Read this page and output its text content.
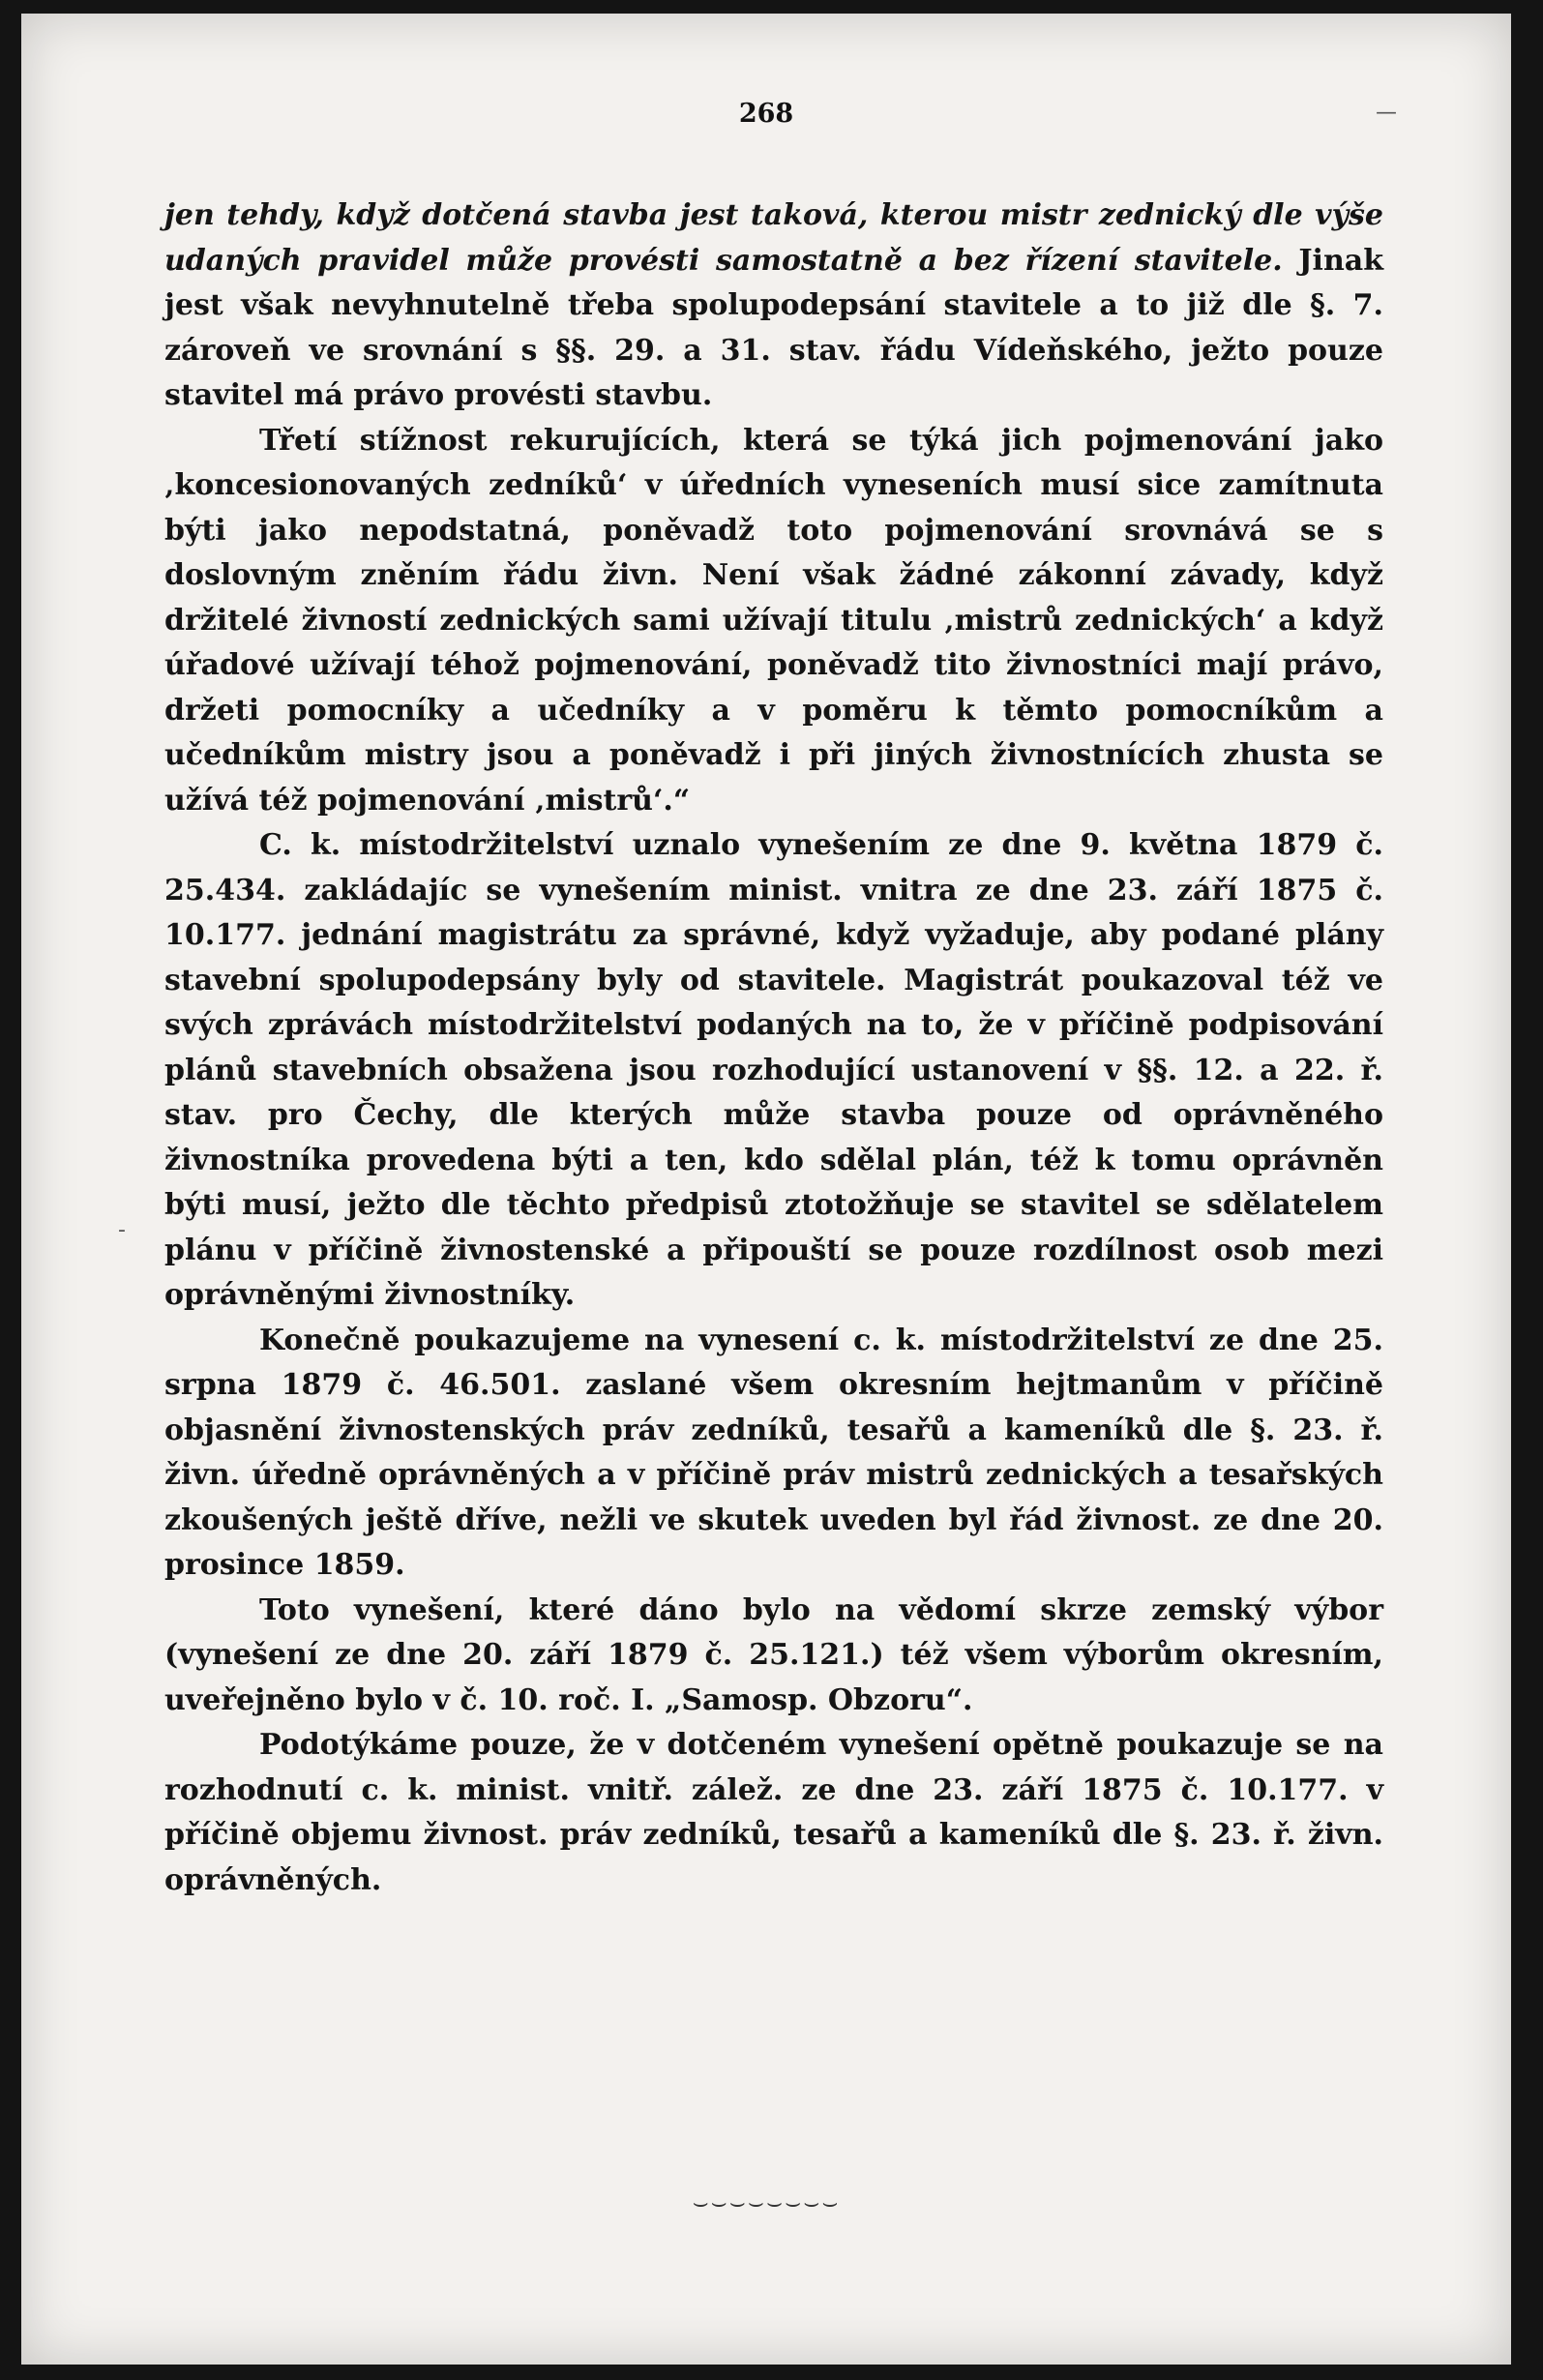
268

jen tehdy, když dotčená stavba jest taková, kterou mistr zednický dle výše udaných pravidel může provésti samostatně a bez řízení stavitele. Jinak jest však nevyhnutelně třeba spolupodepsání stavitele a to již dle §. 7. zároveň ve srovnání s §§. 29. a 31. stav. řádu Vídeňského, ježto pouze stavitel má právo provésti stavbu.

Třetí stížnost rekurujících, která se týká jich pojmenování jako ‚koncesionovaných zedníků‘ v úředních vyneseních musí sice zamítnuta býti jako nepodstatná, poněvadž toto pojmenování srovnává se s doslovným zněním řádu živn. Není však žádné zákonní závady, když držitelé živností zednických sami užívají titulu ‚mistrů zednických‘ a když úřadové užívají téhož pojmenování, poněvadž tito živnostníci mají právo, držeti pomocníky a učedníky a v poměru k těmto pomocníkům a učedníkům mistry jsou a poněvadž i při jiných živnostnících zhusta se užívá též pojmenování ‚mistrů‘.“

C. k. místodržitelství uznalo vynešením ze dne 9. května 1879 č. 25.434. zakládajíc se vynešením minist. vnitra ze dne 23. září 1875 č. 10.177. jednání magistrátu za správné, když vyžaduje, aby podané plány stavební spolupodepsány byly od stavitele. Magistrát poukazoval též ve svých zprávách místodržitelství podaných na to, že v příčině podpisování plánů stavebních obsažena jsou rozhodující ustanovení v §§. 12. a 22. ř. stav. pro Čechy, dle kterých může stavba pouze od oprávněného živnostníka provedena býti a ten, kdo sdělal plán, též k tomu oprávněn býti musí, ježto dle těchto předpisů ztotožňuje se stavitel se sdělatelem plánu v příčině živnostenské a připouští se pouze rozdílnost osob mezi oprávněnými živnostníky.

Konečně poukazujeme na vynesení c. k. místodržitelství ze dne 25. srpna 1879 č. 46.501. zaslané všem okresním hejtmanům v příčině objasnění živnostenských práv zedníků, tesařů a kameníků dle §. 23. ř. živn. úředně oprávněných a v příčině práv mistrů zednických a tesařských zkoušených ještě dříve, nežli ve skutek uveden byl řád živnost. ze dne 20. prosince 1859.

Toto vynešení, které dáno bylo na vědomí skrze zemský výbor (vynešení ze dne 20. září 1879 č. 25.121.) též všem výborům okresním, uveřejněno bylo v č. 10. roč. I. „Samosp. Obzoru“.

Podotýkáme pouze, že v dotčeném vynešení opětně poukazuje se na rozhodnutí c. k. minist. vnitř. zálež. ze dne 23. září 1875 č. 10.177. v příčině objemu živnost. práv zedníků, tesařů a kameníků dle §. 23. ř. živn. oprávněných.

⌣⌣⌣⌣⌣⌣⌣⌣
—
-
